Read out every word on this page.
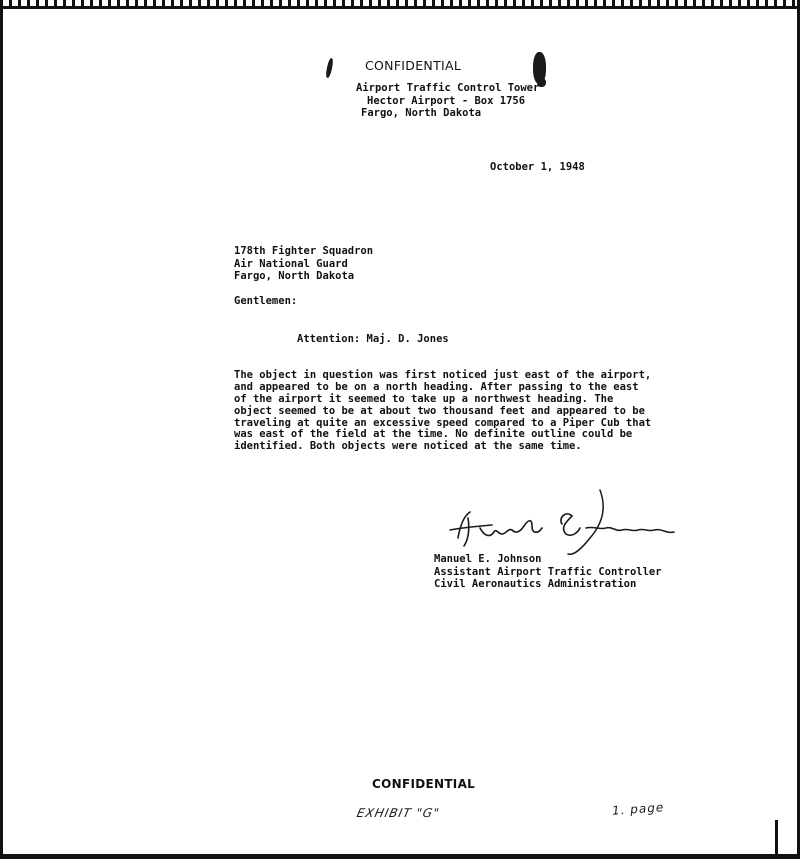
CONFIDENTIAL
Airport Traffic Control Tower
Hector Airport - Box 1756
Fargo, North Dakota
October 1, 1948
178th Fighter Squadron
Air National Guard
Fargo, North Dakota
Gentlemen:
Attention: Maj. D. Jones
The object in question was first noticed just east of the airport,
and appeared to be on a north heading. After passing to the east
of the airport it seemed to take up a northwest heading. The
object seemed to be at about two thousand feet and appeared to be
traveling at quite an excessive speed compared to a Piper Cub that
was east of the field at the time. No definite outline could be
identified. Both objects were noticed at the same time.
Manuel E. Johnson
Manuel E. Johnson
Assistant Airport Traffic Controller
Civil Aeronautics Administration
CONFIDENTIAL
EXHIBIT "G"	1. page
